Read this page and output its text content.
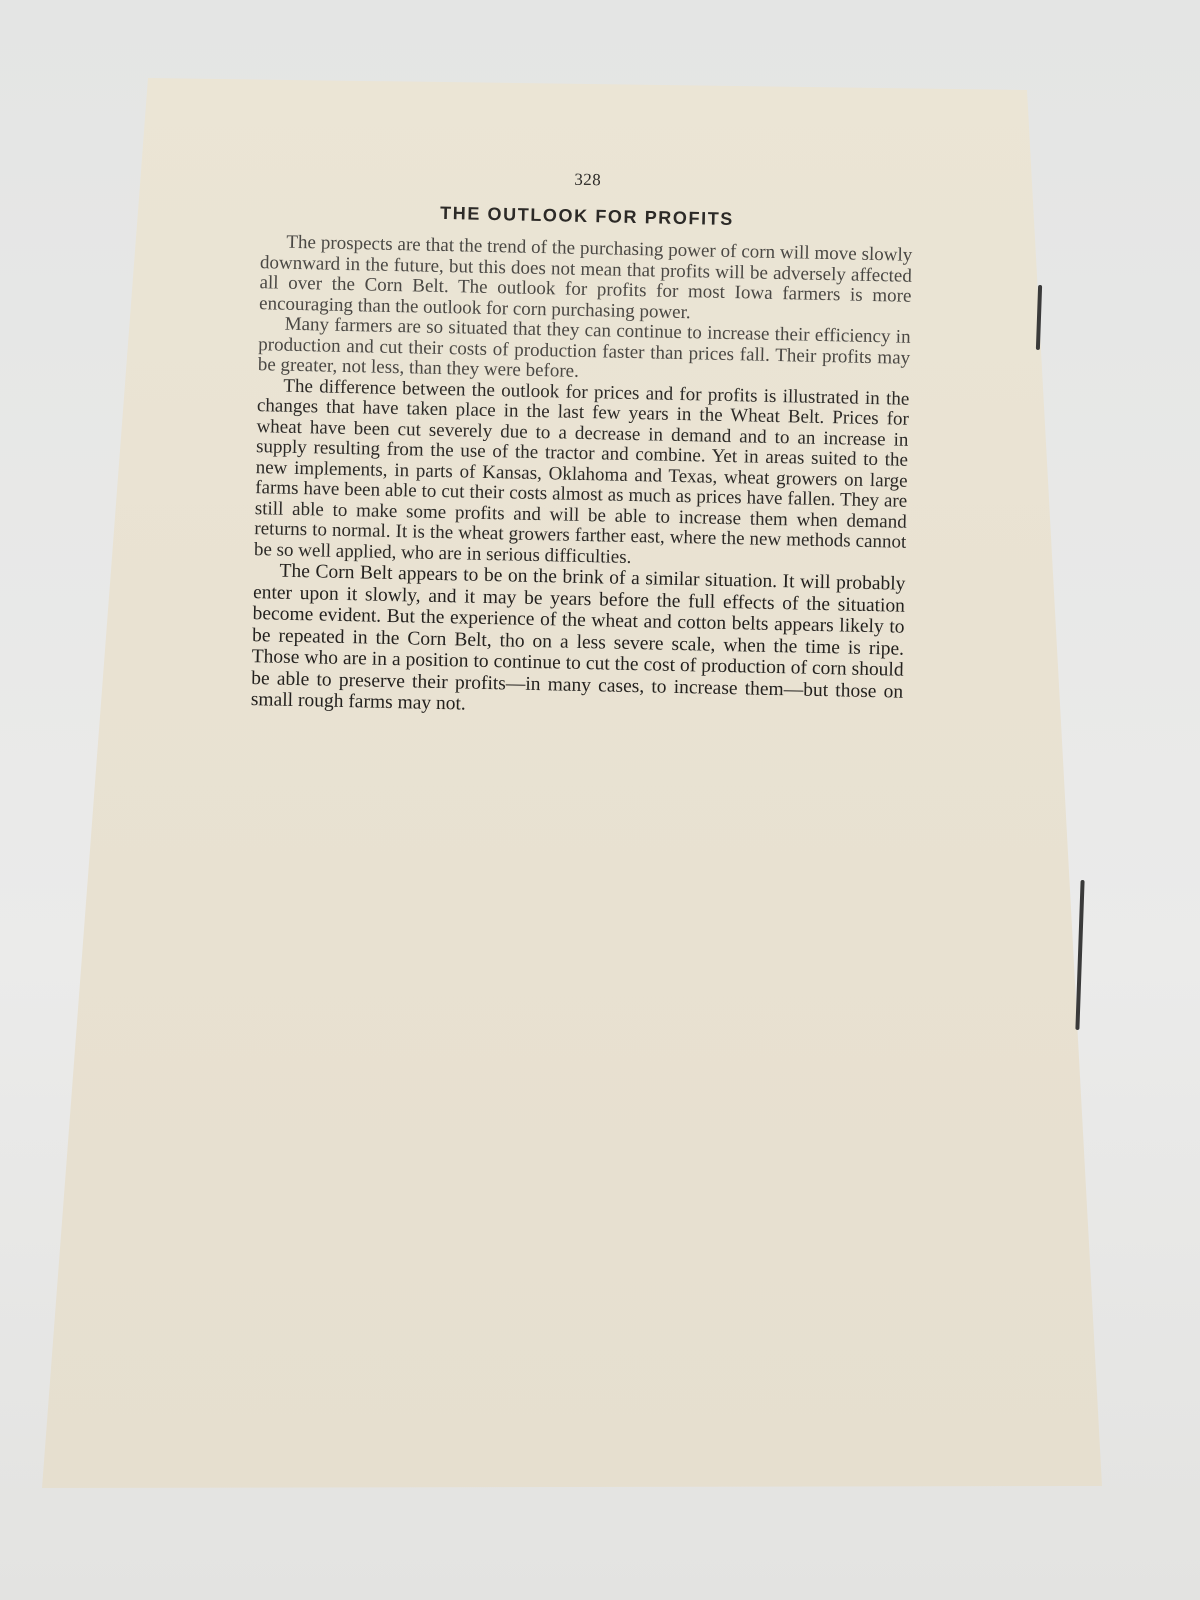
328
THE OUTLOOK FOR PROFITS

The prospects are that the trend of the purchasing power of corn will move slowly downward in the future, but this does not mean that profits will be adversely affected all over the Corn Belt. The outlook for profits for most Iowa farmers is more encouraging than the outlook for corn purchasing power.

Many farmers are so situated that they can continue to increase their efficiency in production and cut their costs of production faster than prices fall. Their profits may be greater, not less, than they were before.

The difference between the outlook for prices and for profits is illustrated in the changes that have taken place in the last few years in the Wheat Belt. Prices for wheat have been cut severely due to a decrease in demand and to an increase in supply resulting from the use of the tractor and combine. Yet in areas suited to the new implements, in parts of Kansas, Oklahoma and Texas, wheat growers on large farms have been able to cut their costs almost as much as prices have fallen. They are still able to make some profits and will be able to increase them when demand returns to normal. It is the wheat growers farther east, where the new methods cannot be so well applied, who are in serious difficulties.

The Corn Belt appears to be on the brink of a similar situation. It will probably enter upon it slowly, and it may be years before the full effects of the situation become evident. But the experience of the wheat and cotton belts appears likely to be repeated in the Corn Belt, tho on a less severe scale, when the time is ripe. Those who are in a position to continue to cut the cost of production of corn should be able to preserve their profits—in many cases, to increase them—but those on small rough farms may not.
